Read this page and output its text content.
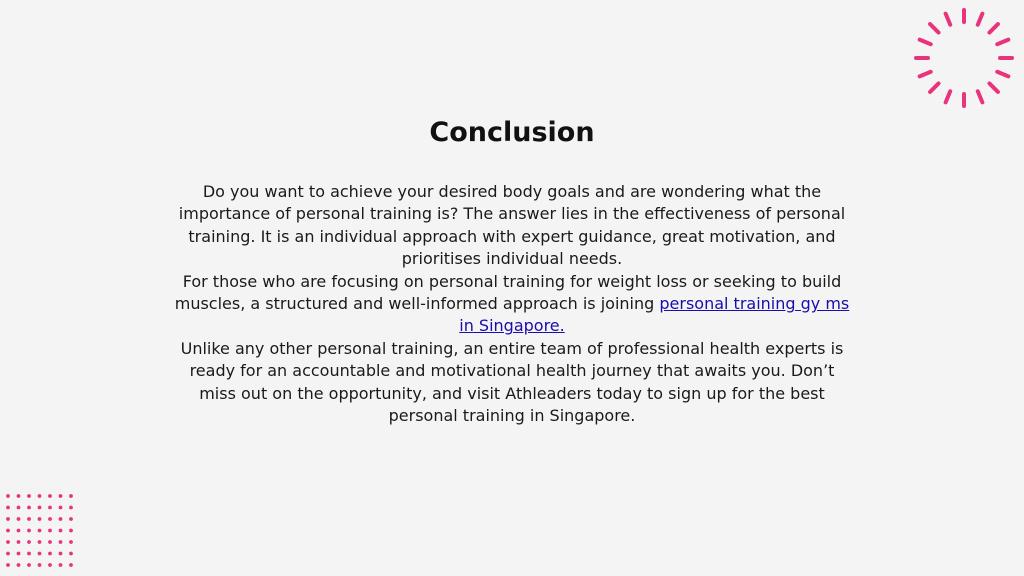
Conclusion

Do you want to achieve your desired body goals and are wondering what the importance of personal training is? The answer lies in the effectiveness of personal training. It is an individual approach with expert guidance, great motivation, and prioritises individual needs.

For those who are focusing on personal training for weight loss or seeking to build muscles, a structured and well-informed approach is joining personal training gy ms in Singapore.

Unlike any other personal training, an entire team of professional health experts is ready for an accountable and motivational health journey that awaits you. Don’t miss out on the opportunity, and visit Athleaders today to sign up for the best personal training in Singapore.
